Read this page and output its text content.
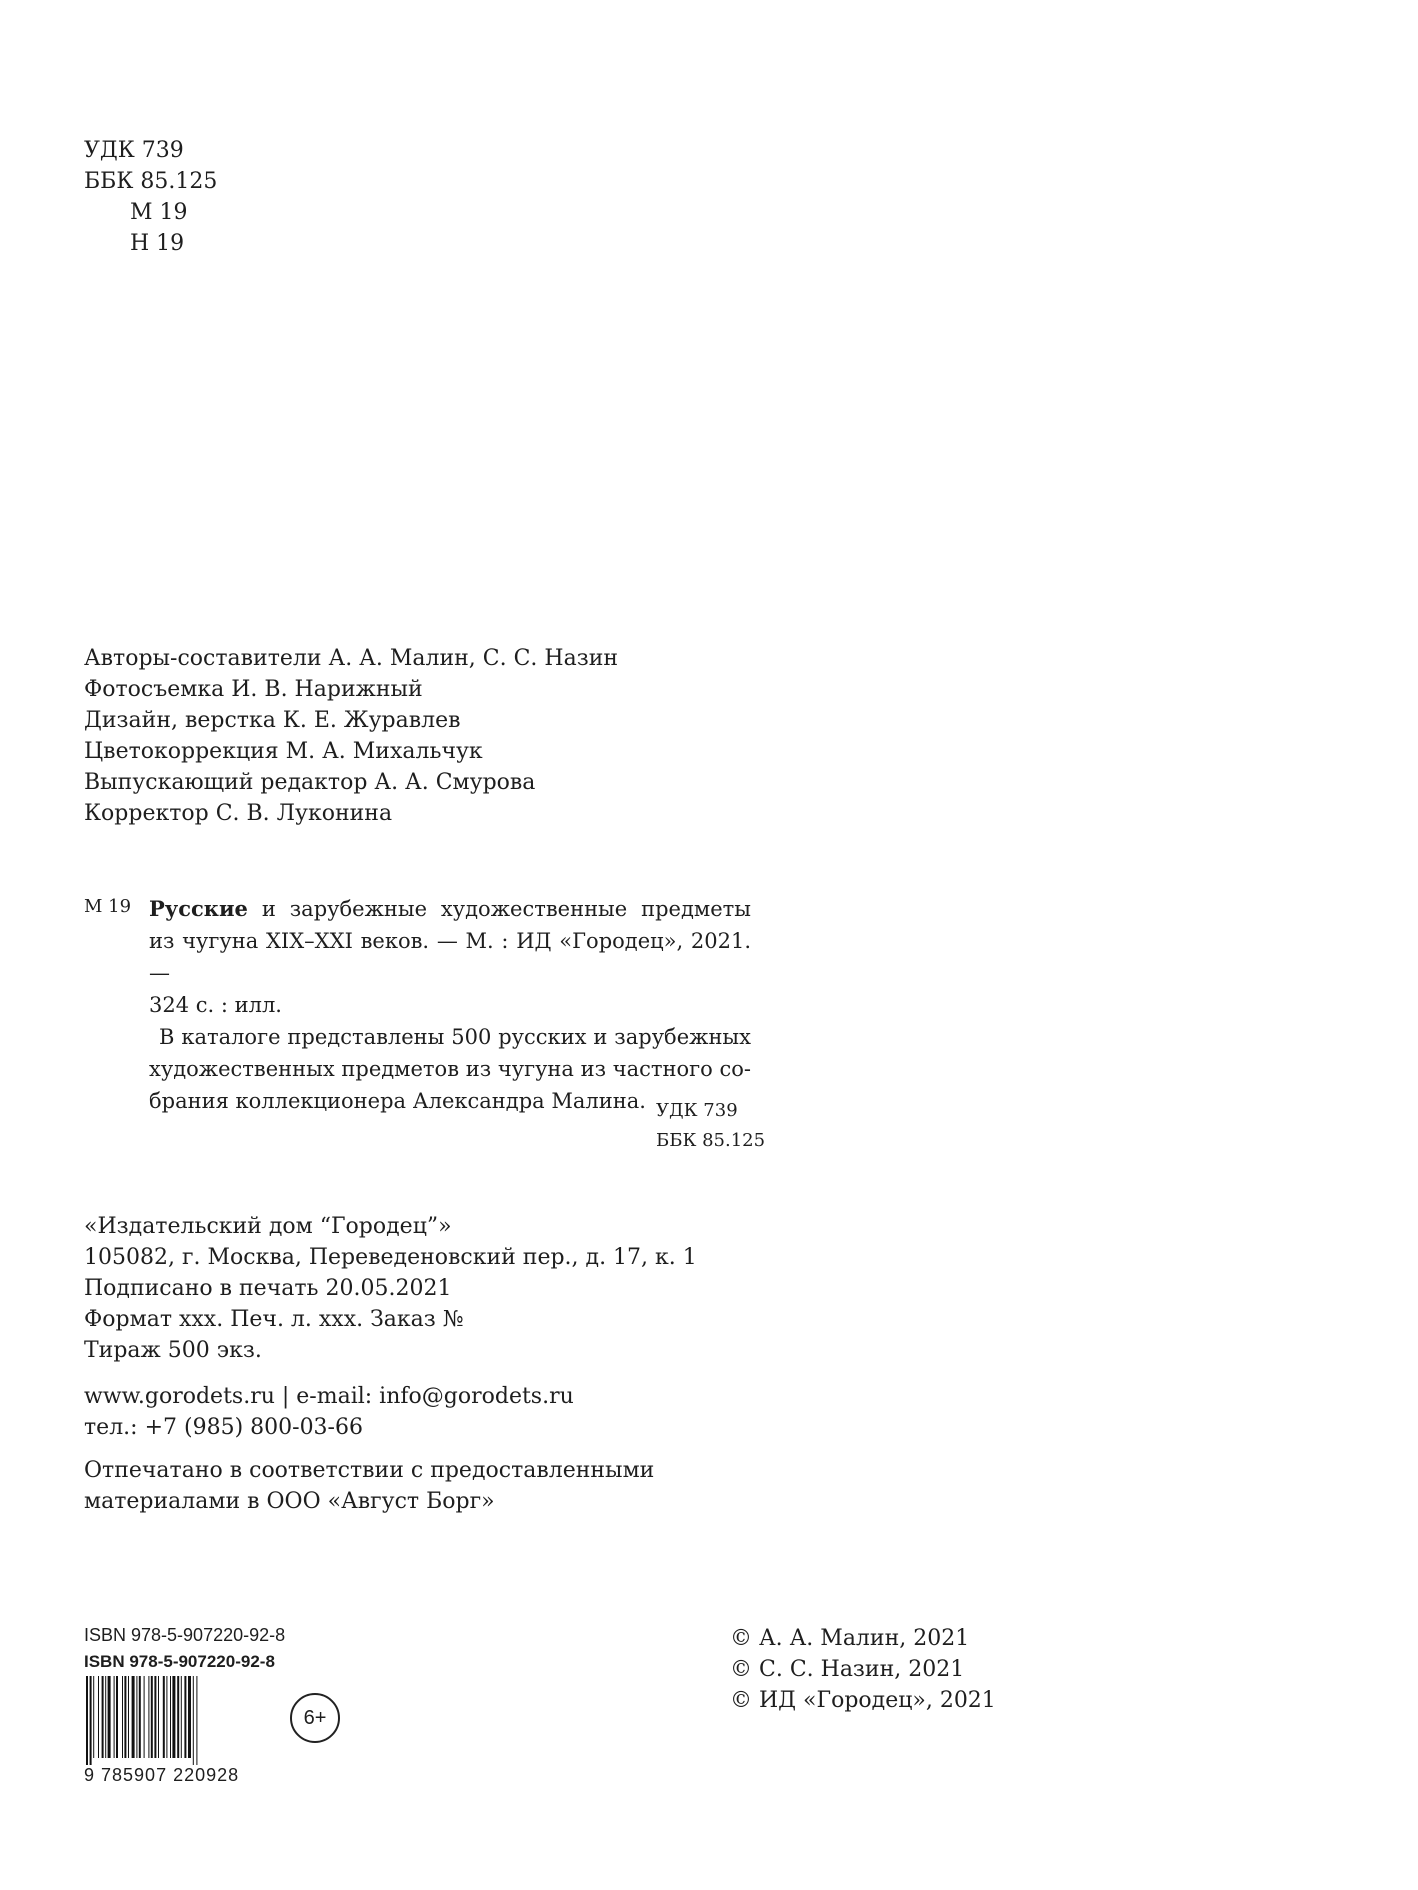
УДК 739
ББК 85.125
М 19
Н 19
Авторы-составители А. А. Малин, С. С. Назин
Фотосъемка И. В. Нарижный
Дизайн, верстка К. Е. Журавлев
Цветокоррекция М. А. Михальчук
Выпускающий редактор А. А. Смурова
Корректор С. В. Луконина
М 19 Русские и зарубежные художественные предметы
из чугуна XIX–XXI веков. — М. : ИД «Городец», 2021. —
324 с. : илл.
В каталоге представлены 500 русских и зарубежных
художественных предметов из чугуна из частного со-
брания коллекционера Александра Малина. УДК 739
ББК 85.125
«Издательский дом “Городец”»
105082, г. Москва, Переведеновский пер., д. 17, к. 1
Подписано в печать 20.05.2021
Формат ххх. Печ. л. ххх. Заказ №
Тираж 500 экз.
www.gorodets.ru | e-mail: info@gorodets.ru
тел.: +7 (985) 800-03-66
Отпечатано в соответствии с предоставленными
материалами в ООО «Август Борг»
ISBN 978-5-907220-92-8
ISBN 978-5-907220-92-8
9 785907 220928
6+
© А. А. Малин, 2021
© С. С. Назин, 2021
© ИД «Городец», 2021
